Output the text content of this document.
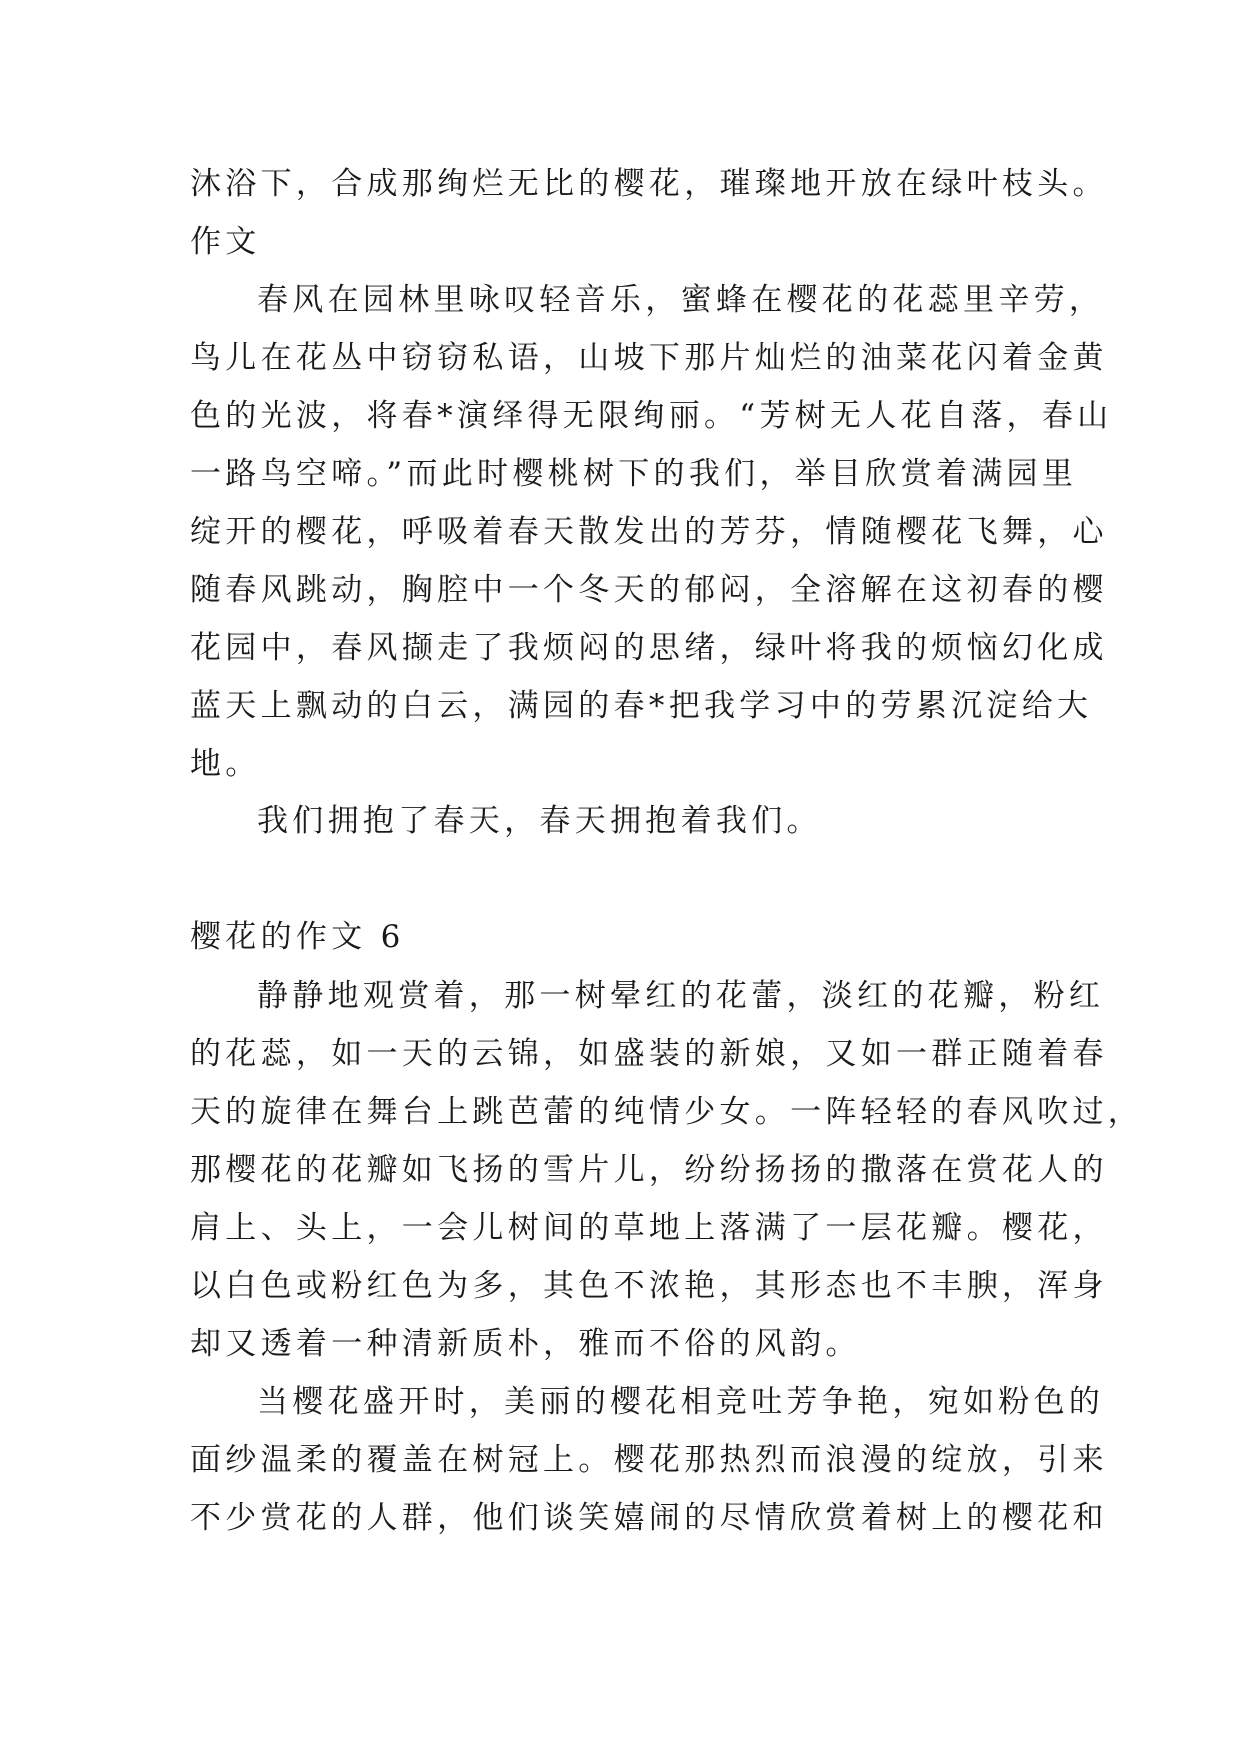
沐浴下，合成那绚烂无比的樱花，璀璨地开放在绿叶枝头。
作文
春风在园林里咏叹轻音乐，蜜蜂在樱花的花蕊里辛劳，
鸟儿在花丛中窃窃私语，山坡下那片灿烂的油菜花闪着金黄
色的光波，将春*演绎得无限绚丽。“芳树无人花自落，春山
一路鸟空啼。”而此时樱桃树下的我们，举目欣赏着满园里
绽开的樱花，呼吸着春天散发出的芳芬，情随樱花飞舞，心
随春风跳动，胸腔中一个冬天的郁闷，全溶解在这初春的樱
花园中，春风撷走了我烦闷的思绪，绿叶将我的烦恼幻化成
蓝天上飘动的白云，满园的春*把我学习中的劳累沉淀给大
地。
我们拥抱了春天，春天拥抱着我们。
樱花的作文 6
静静地观赏着，那一树晕红的花蕾，淡红的花瓣，粉红
的花蕊，如一天的云锦，如盛装的新娘，又如一群正随着春
天的旋律在舞台上跳芭蕾的纯情少女。一阵轻轻的春风吹过，
那樱花的花瓣如飞扬的雪片儿，纷纷扬扬的撒落在赏花人的
肩上、头上，一会儿树间的草地上落满了一层花瓣。樱花，
以白色或粉红色为多，其色不浓艳，其形态也不丰腴，浑身
却又透着一种清新质朴，雅而不俗的风韵。
当樱花盛开时，美丽的樱花相竞吐芳争艳，宛如粉色的
面纱温柔的覆盖在树冠上。樱花那热烈而浪漫的绽放，引来
不少赏花的人群，他们谈笑嬉闹的尽情欣赏着树上的樱花和
